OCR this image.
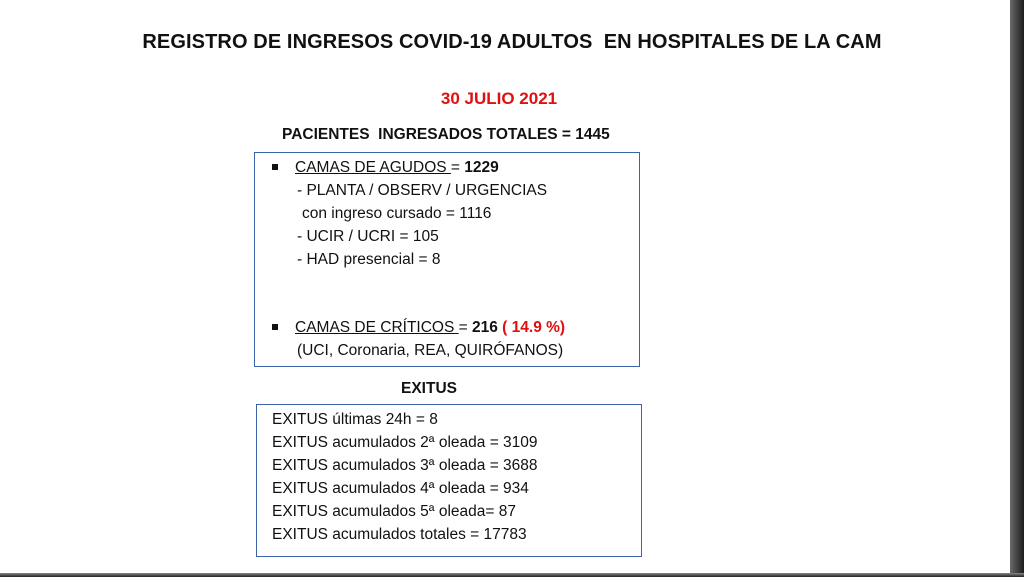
REGISTRO DE INGRESOS COVID-19 ADULTOS  EN HOSPITALES DE LA CAM
30 JULIO 2021
PACIENTES  INGRESADOS TOTALES = 1445
CAMAS DE AGUDOS = 1229
- PLANTA / OBSERV / URGENCIAS
con ingreso cursado = 1116
- UCIR / UCRI = 105
- HAD presencial = 8
CAMAS DE CRÍTICOS = 216 ( 14.9 %)
(UCI, Coronaria, REA, QUIRÓFANOS)
EXITUS
EXITUS últimas 24h = 8
EXITUS acumulados 2ª oleada = 3109
EXITUS acumulados 3ª oleada = 3688
EXITUS acumulados 4ª oleada = 934
EXITUS acumulados 5ª oleada= 87
EXITUS acumulados totales = 17783
